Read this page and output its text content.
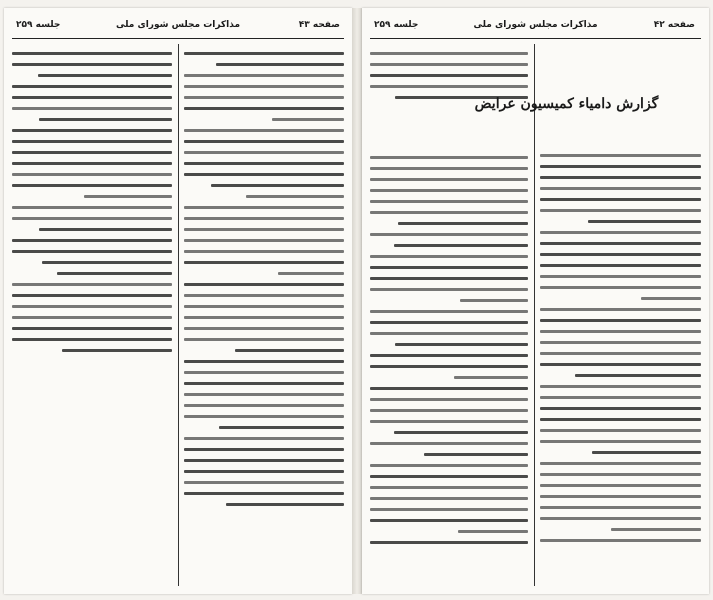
جلسه ۲۵۹	مذاکرات مجلس شورای ملی	صفحه ۴۳	جلسه ۲۵۹	مذاکرات مجلس شورای ملی	صفحه ۴۲
گزارش دامیاء کمیسیون عرایض
